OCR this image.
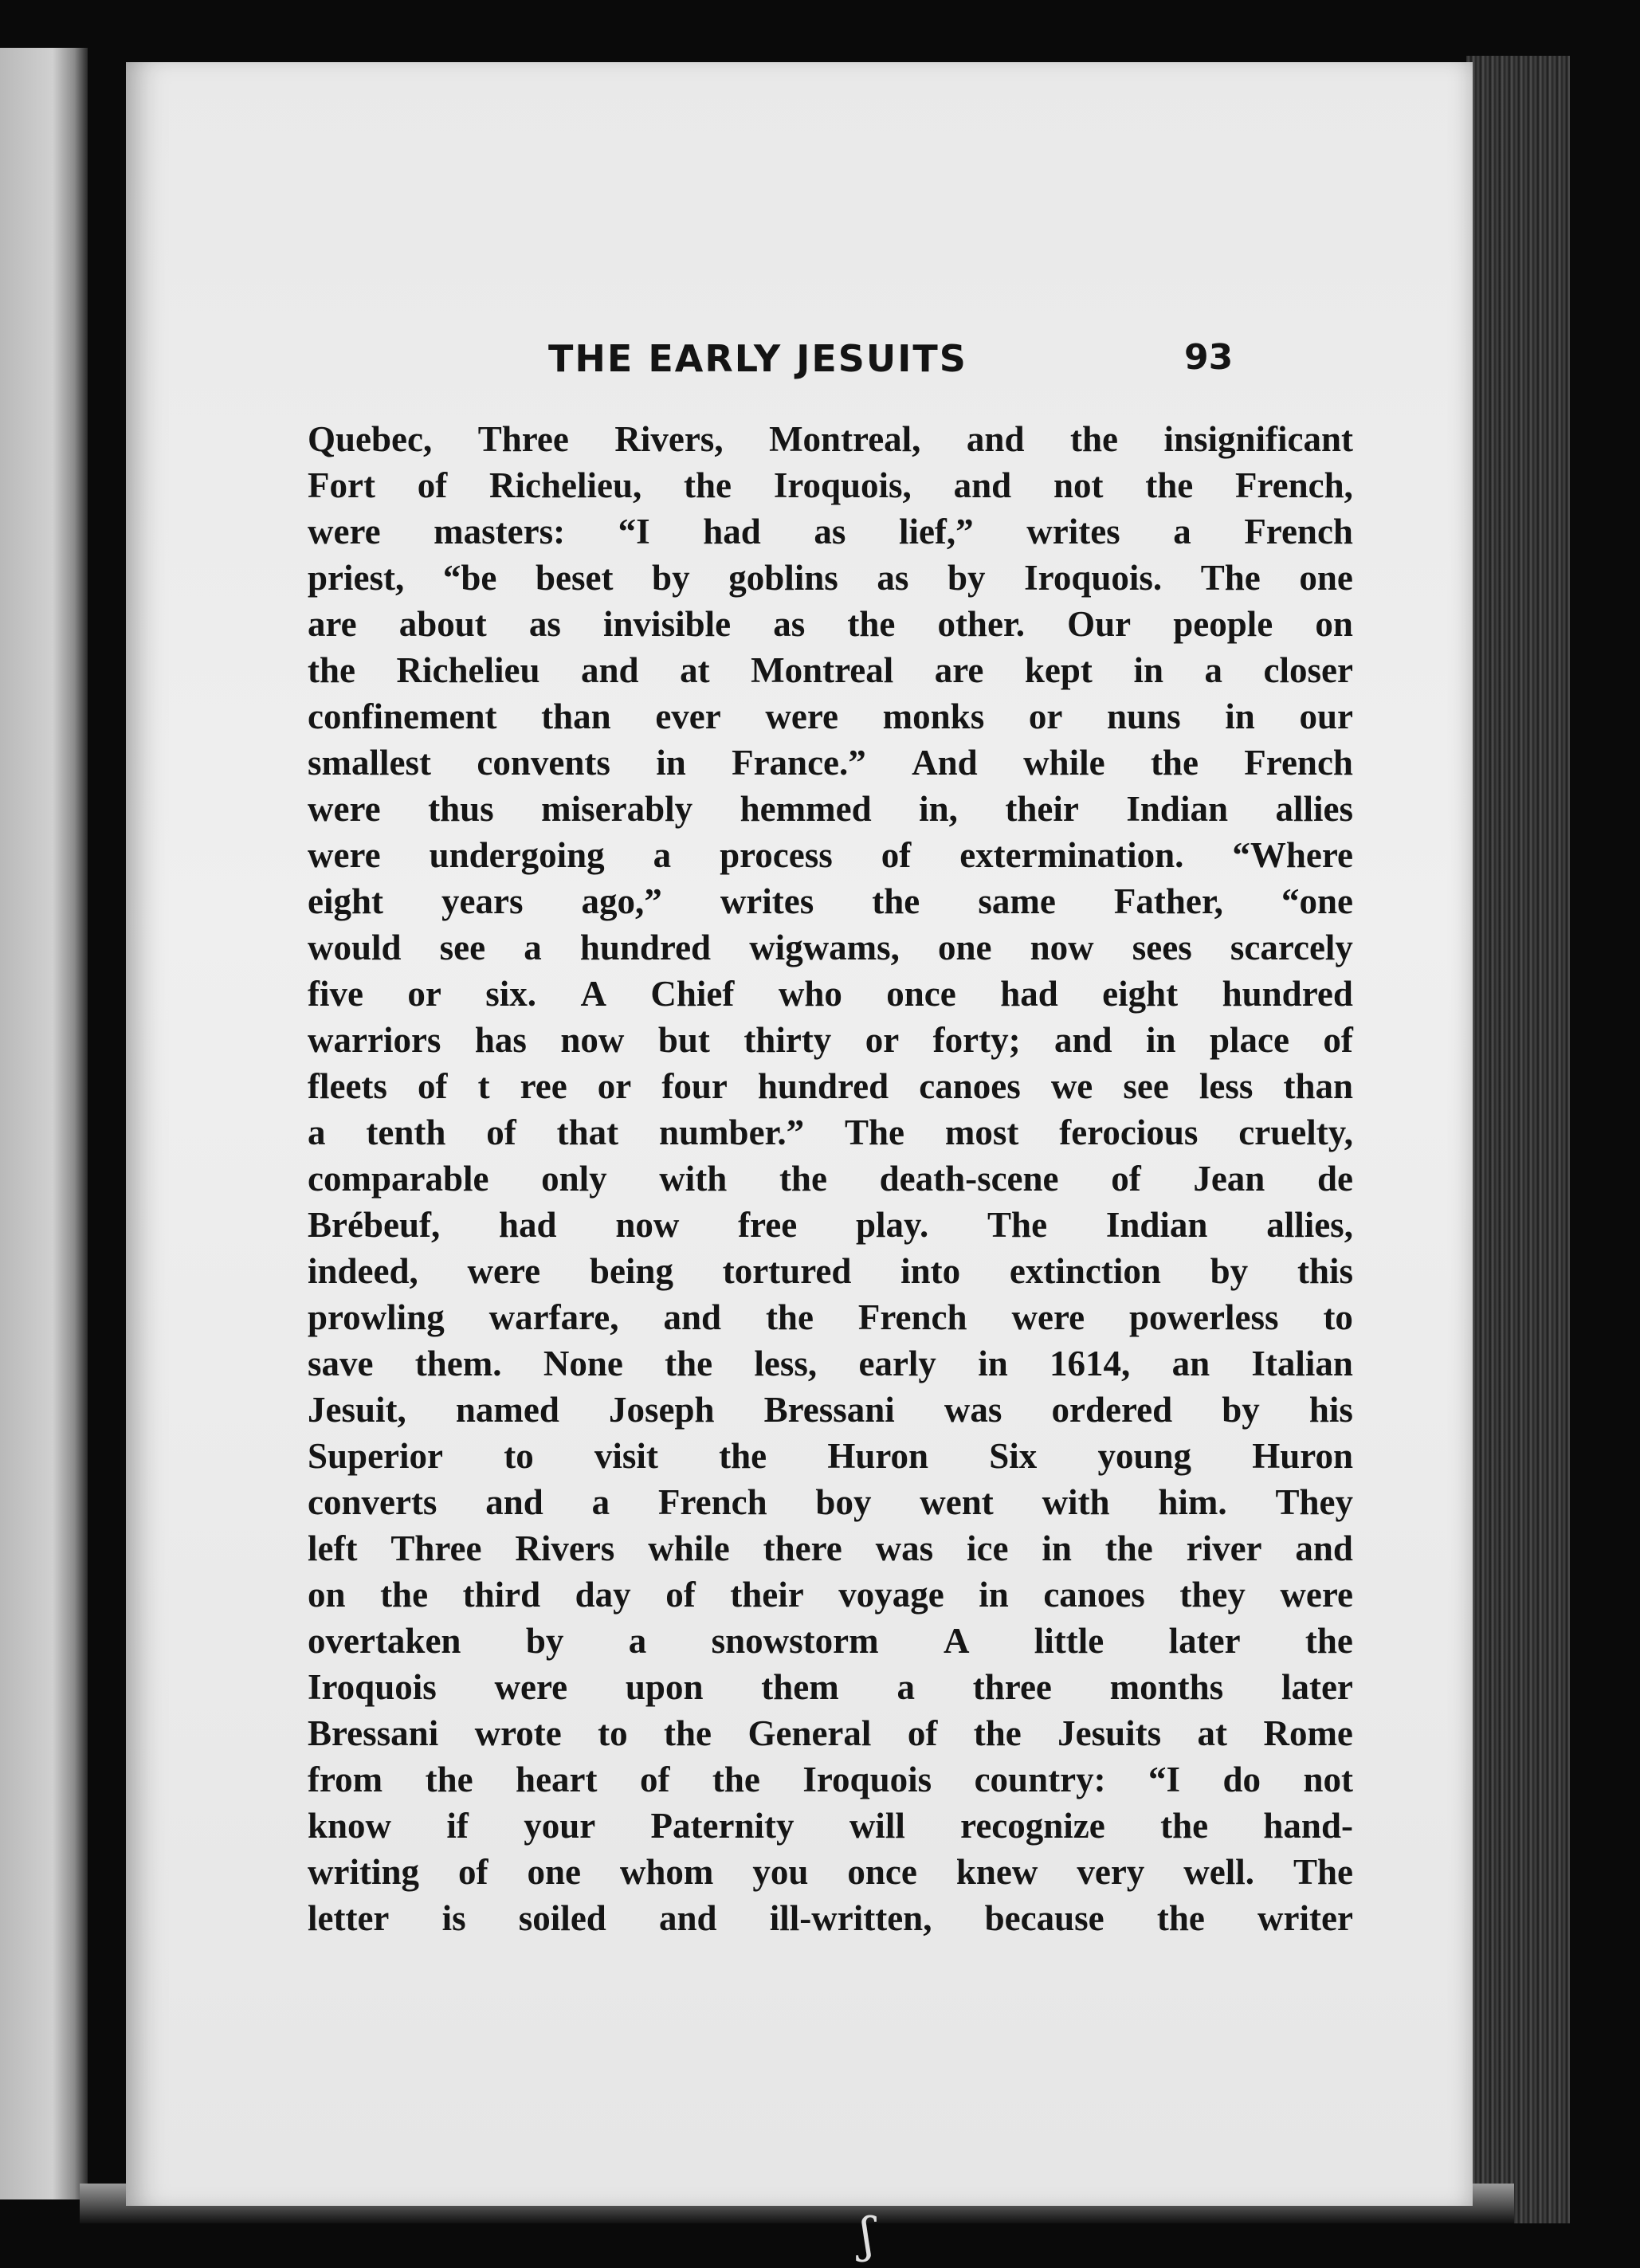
THE EARLY JESUITS	93
Quebec, Three Rivers, Montreal, and the insignificant
Fort of Richelieu, the Iroquois, and not the French,
were masters: “I had as lief,” writes a French
priest, “be beset by goblins as by Iroquois. The one
are about as invisible as the other. Our people on
the Richelieu and at Montreal are kept in a closer
confinement than ever were monks or nuns in our
smallest convents in France.” And while the French
were thus miserably hemmed in, their Indian allies
were undergoing a process of extermination. “Where
eight years ago,” writes the same Father, “one
would see a hundred wigwams, one now sees scarcely
five or six. A Chief who once had eight hundred
warriors has now but thirty or forty; and in place of
fleets of t ree or four hundred canoes we see less than
a tenth of that number.” The most ferocious cruelty,
comparable only with the death-scene of Jean de
Brébeuf, had now free play. The Indian allies,
indeed, were being tortured into extinction by this
prowling warfare, and the French were powerless to
save them. None the less, early in 1614, an Italian
Jesuit, named Joseph Bressani was ordered by his
Superior to visit the Huron Six young Huron
converts and a French boy went with him. They
left Three Rivers while there was ice in the river and
on the third day of their voyage in canoes they were
overtaken by a snowstorm A little later the
Iroquois were upon them a three months later
Bressani wrote to the General of the Jesuits at Rome
from the heart of the Iroquois country: “I do not
know if your Paternity will recognize the hand-
writing of one whom you once knew very well. The
letter is soiled and ill-written, because the writer
ʃ
